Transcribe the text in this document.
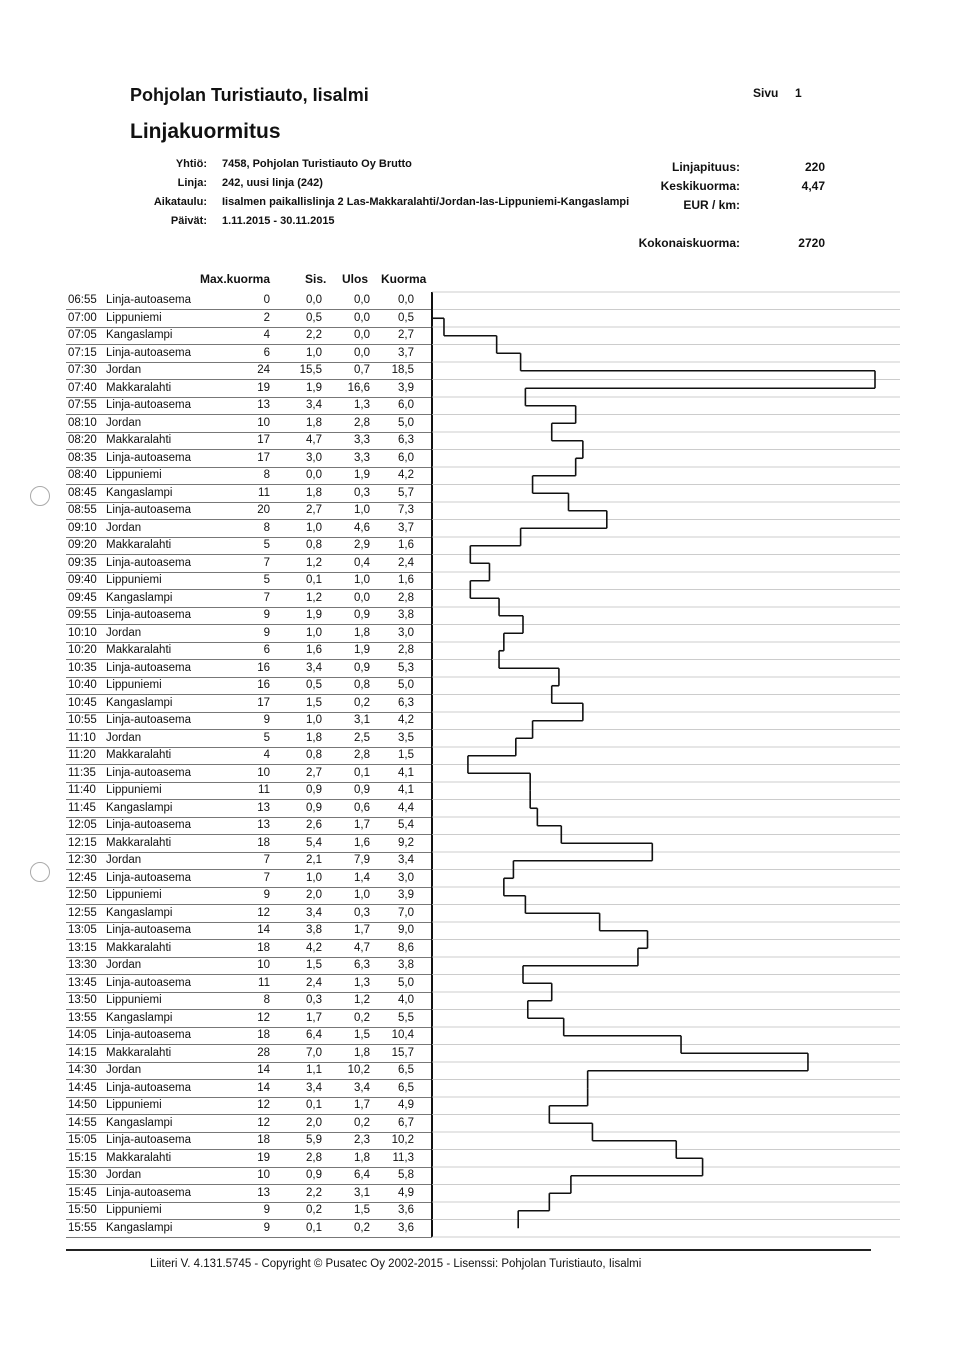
Pohjolan Turistiauto, Iisalmi
Linjakuormitus
Sivu 1
Yhtiö: 7458, Pohjolan Turistiauto Oy Brutto
Linja: 242, uusi linja (242)
Aikataulu: Iisalmen paikallislinja 2 Las-Makkaralahti/Jordan-las-Lippuniemi-Kangaslampi
Päivät: 1.11.2015 - 30.11.2015
Linjapituus:	220
Keskikuorma:	4,47
EUR / km:
Kokonaiskuorma:	2720
Max.kuorma	Sis. Ulos Kuorma
06:55 Linja-autoasema	0	0,0	0,0	0,0
07:00 Lippuniemi	2	0,5	0,0	0,5
07:05 Kangaslampi	4	2,2	0,0	2,7
07:15 Linja-autoasema	6	1,0	0,0	3,7
07:30 Jordan	24	15,5	0,7	18,5
07:40 Makkaralahti	19	1,9	16,6	3,9
07:55 Linja-autoasema	13	3,4	1,3	6,0
08:10 Jordan	10	1,8	2,8	5,0
08:20 Makkaralahti	17	4,7	3,3	6,3
08:35 Linja-autoasema	17	3,0	3,3	6,0
08:40 Lippuniemi	8	0,0	1,9	4,2
08:45 Kangaslampi	11	1,8	0,3	5,7
08:55 Linja-autoasema	20	2,7	1,0	7,3
09:10 Jordan	8	1,0	4,6	3,7
09:20 Makkaralahti	5	0,8	2,9	1,6
09:35 Linja-autoasema	7	1,2	0,4	2,4
09:40 Lippuniemi	5	0,1	1,0	1,6
09:45 Kangaslampi	7	1,2	0,0	2,8
09:55 Linja-autoasema	9	1,9	0,9	3,8
10:10 Jordan	9	1,0	1,8	3,0
10:20 Makkaralahti	6	1,6	1,9	2,8
10:35 Linja-autoasema	16	3,4	0,9	5,3
10:40 Lippuniemi	16	0,5	0,8	5,0
10:45 Kangaslampi	17	1,5	0,2	6,3
10:55 Linja-autoasema	9	1,0	3,1	4,2
11:10 Jordan	5	1,8	2,5	3,5
11:20 Makkaralahti	4	0,8	2,8	1,5
11:35 Linja-autoasema	10	2,7	0,1	4,1
11:40 Lippuniemi	11	0,9	0,9	4,1
11:45 Kangaslampi	13	0,9	0,6	4,4
12:05 Linja-autoasema	13	2,6	1,7	5,4
12:15 Makkaralahti	18	5,4	1,6	9,2
12:30 Jordan	7	2,1	7,9	3,4
12:45 Linja-autoasema	7	1,0	1,4	3,0
12:50 Lippuniemi	9	2,0	1,0	3,9
12:55 Kangaslampi	12	3,4	0,3	7,0
13:05 Linja-autoasema	14	3,8	1,7	9,0
13:15 Makkaralahti	18	4,2	4,7	8,6
13:30 Jordan	10	1,5	6,3	3,8
13:45 Linja-autoasema	11	2,4	1,3	5,0
13:50 Lippuniemi	8	0,3	1,2	4,0
13:55 Kangaslampi	12	1,7	0,2	5,5
14:05 Linja-autoasema	18	6,4	1,5	10,4
14:15 Makkaralahti	28	7,0	1,8	15,7
14:30 Jordan	14	1,1	10,2	6,5
14:45 Linja-autoasema	14	3,4	3,4	6,5
14:50 Lippuniemi	12	0,1	1,7	4,9
14:55 Kangaslampi	12	2,0	0,2	6,7
15:05 Linja-autoasema	18	5,9	2,3	10,2
15:15 Makkaralahti	19	2,8	1,8	11,3
15:30 Jordan	10	0,9	6,4	5,8
15:45 Linja-autoasema	13	2,2	3,1	4,9
15:50 Lippuniemi	9	0,2	1,5	3,6
15:55 Kangaslampi	9	0,1	0,2	3,6
Liiteri V. 4.131.5745 - Copyright © Pusatec Oy 2002-2015 - Lisenssi: Pohjolan Turistiauto, Iisalmi
